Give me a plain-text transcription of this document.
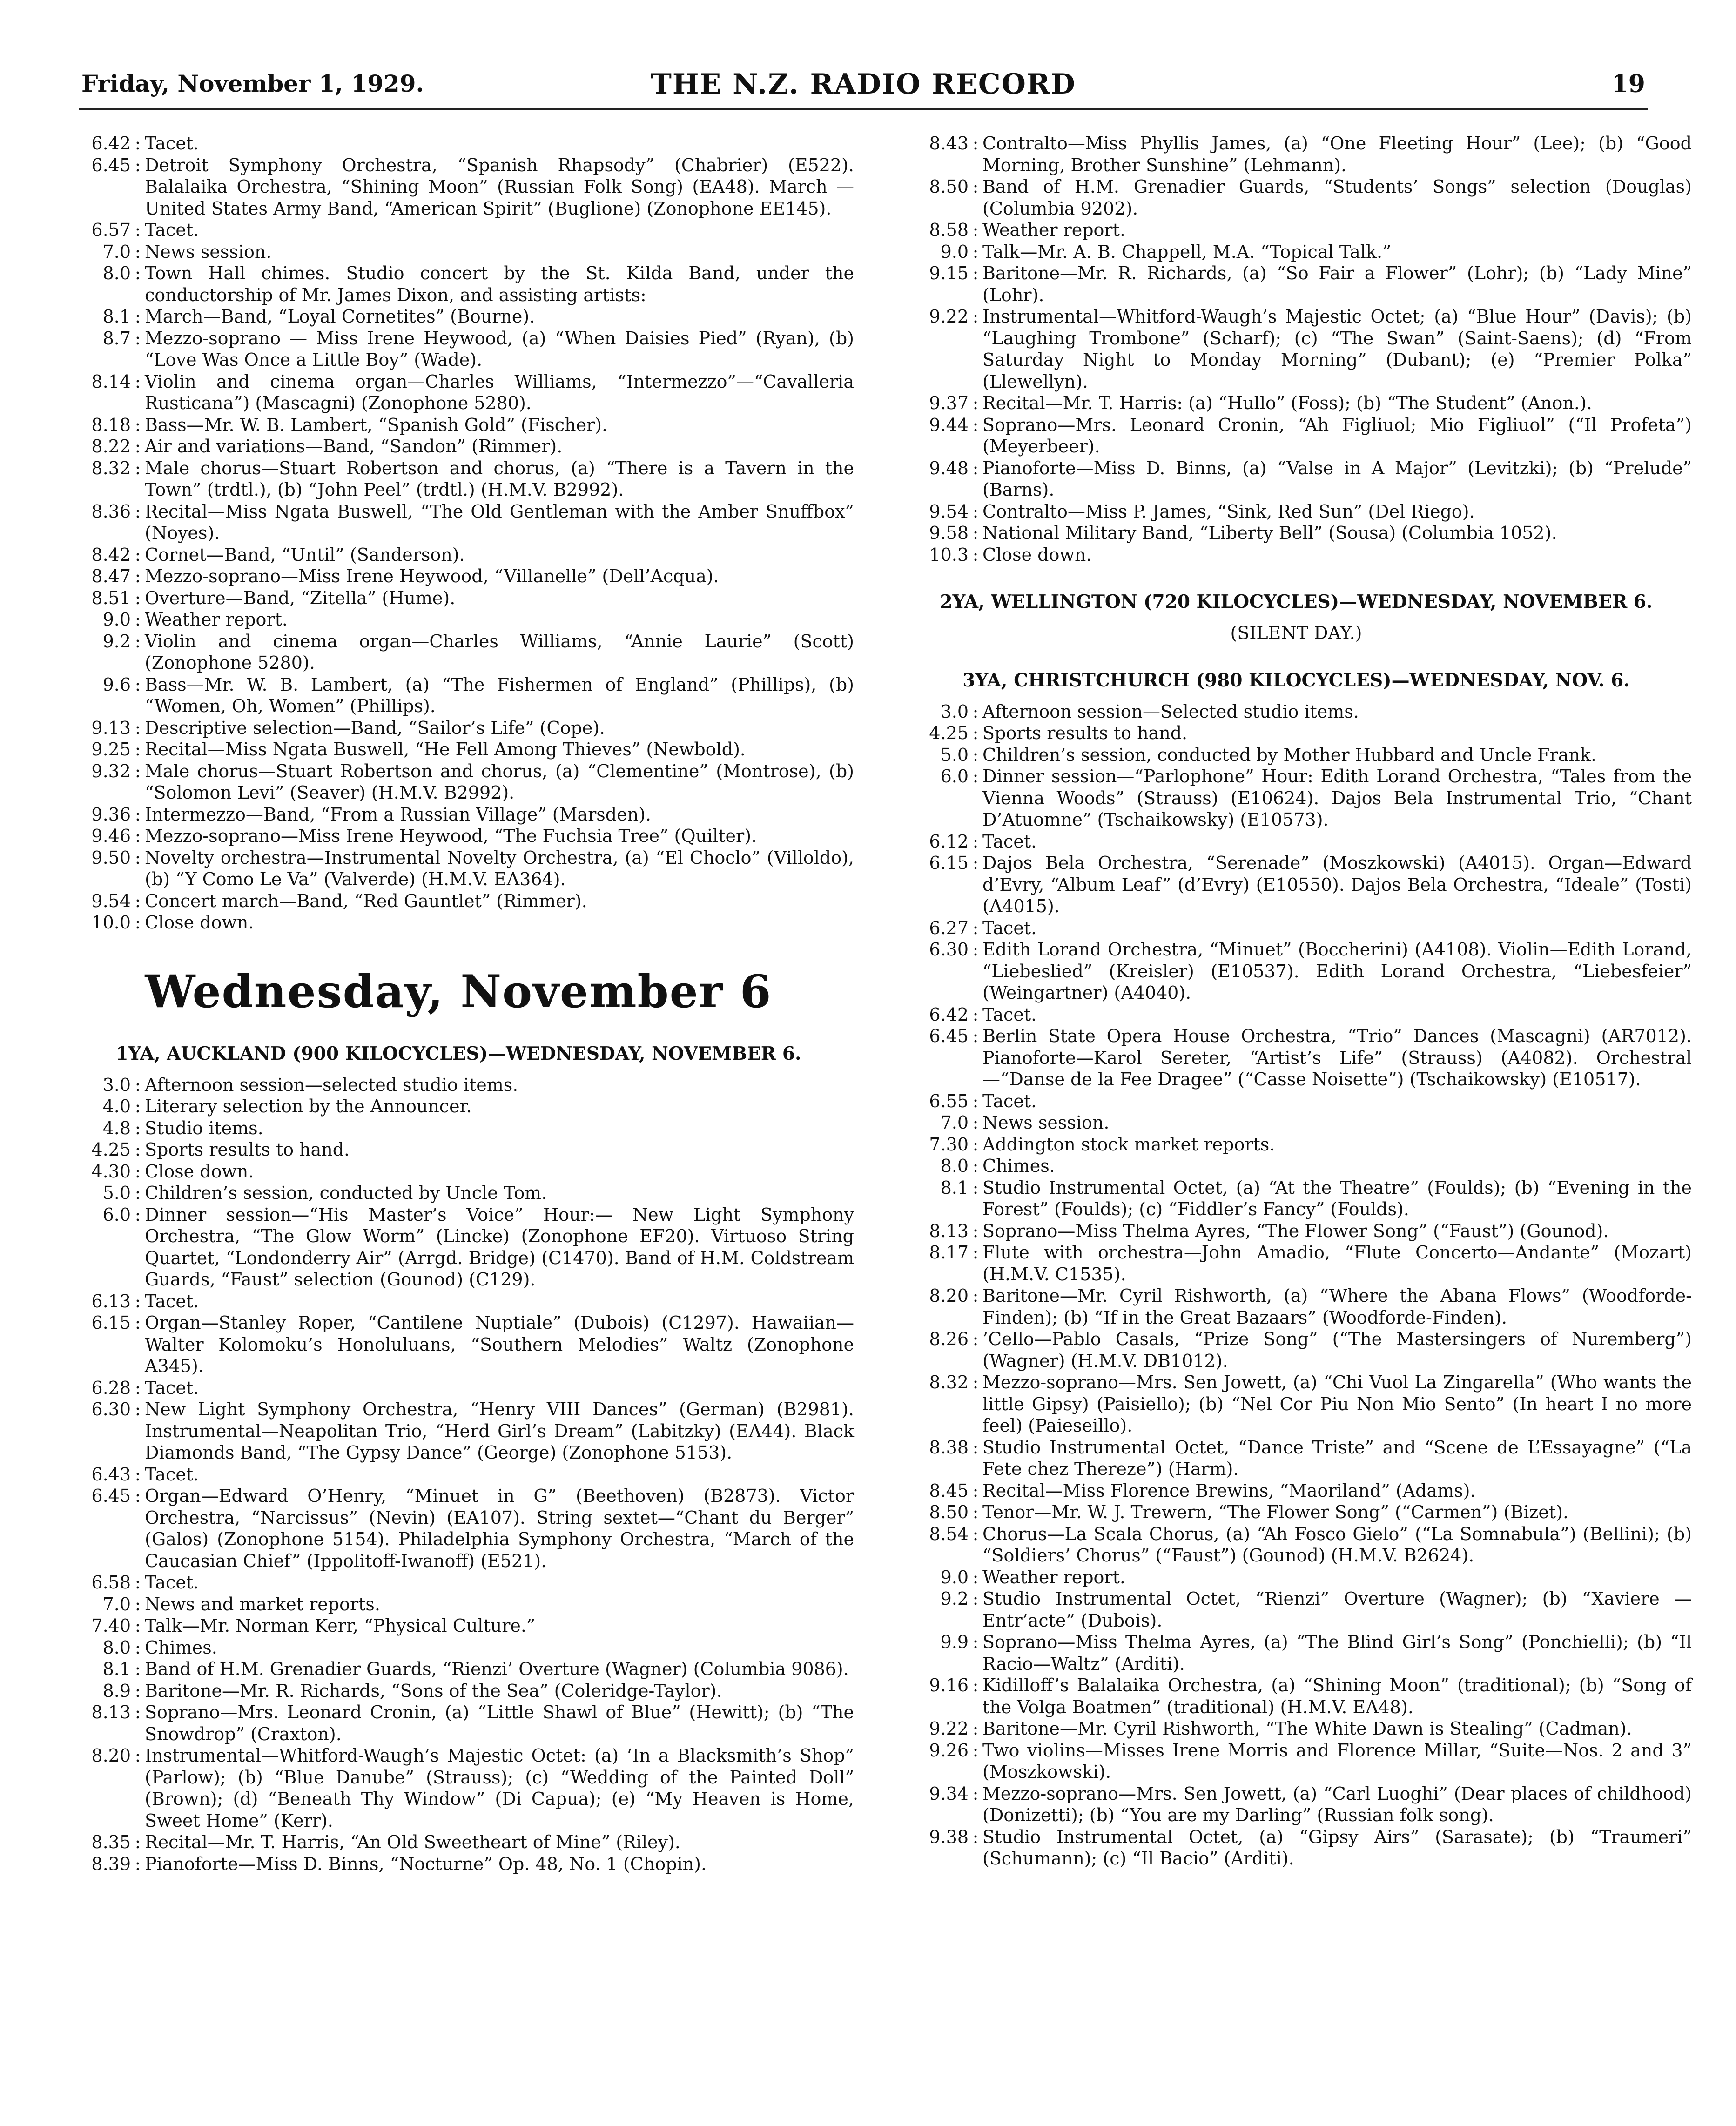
Friday, November 1, 1929.	THE N.Z. RADIO RECORD	19
6.42 : Tacet.
6.45 : Detroit Symphony Orchestra, “Spanish Rhapsody” (Chabrier) (E522). Balalaika Orchestra, “Shining Moon” (Russian Folk Song) (EA48). March — United States Army Band, “American Spirit” (Buglione) (Zonophone EE145).
6.57 : Tacet.
7.0 : News session.
8.0 : Town Hall chimes. Studio concert by the St. Kilda Band, under the conductorship of Mr. James Dixon, and assisting artists:
8.1 : March—Band, “Loyal Cornetites” (Bourne).
8.7 : Mezzo-soprano — Miss Irene Heywood, (a) “When Daisies Pied” (Ryan), (b) “Love Was Once a Little Boy” (Wade).
8.14 : Violin and cinema organ—Charles Williams, “Intermezzo”—“Cavalleria Rusticana”) (Mascagni) (Zonophone 5280).
8.18 : Bass—Mr. W. B. Lambert, “Spanish Gold” (Fischer).
8.22 : Air and variations—Band, “Sandon” (Rimmer).
8.32 : Male chorus—Stuart Robertson and chorus, (a) “There is a Tavern in the Town” (trdtl.), (b) “John Peel” (trdtl.) (H.M.V. B2992).
8.36 : Recital—Miss Ngata Buswell, “The Old Gentleman with the Amber Snuffbox” (Noyes).
8.42 : Cornet—Band, “Until” (Sanderson).
8.47 : Mezzo-soprano—Miss Irene Heywood, “Villanelle” (Dell’Acqua).
8.51 : Overture—Band, “Zitella” (Hume).
9.0 : Weather report.
9.2 : Violin and cinema organ—Charles Williams, “Annie Laurie” (Scott) (Zonophone 5280).
9.6 : Bass—Mr. W. B. Lambert, (a) “The Fishermen of England” (Phillips), (b) “Women, Oh, Women” (Phillips).
9.13 : Descriptive selection—Band, “Sailor’s Life” (Cope).
9.25 : Recital—Miss Ngata Buswell, “He Fell Among Thieves” (Newbold).
9.32 : Male chorus—Stuart Robertson and chorus, (a) “Clementine” (Montrose), (b) “Solomon Levi” (Seaver) (H.M.V. B2992).
9.36 : Intermezzo—Band, “From a Russian Village” (Marsden).
9.46 : Mezzo-soprano—Miss Irene Heywood, “The Fuchsia Tree” (Quilter).
9.50 : Novelty orchestra—Instrumental Novelty Orchestra, (a) “El Choclo” (Villoldo), (b) “Y Como Le Va” (Valverde) (H.M.V. EA364).
9.54 : Concert march—Band, “Red Gauntlet” (Rimmer).
10.0 : Close down.
Wednesday, November 6
1YA, AUCKLAND (900 KILOCYCLES)—WEDNESDAY, NOVEMBER 6.
3.0 : Afternoon session—selected studio items.
4.0 : Literary selection by the Announcer.
4.8 : Studio items.
4.25 : Sports results to hand.
4.30 : Close down.
5.0 : Children’s session, conducted by Uncle Tom.
6.0 : Dinner session—“His Master’s Voice” Hour:— New Light Symphony Orchestra, “The Glow Worm” (Lincke) (Zonophone EF20). Virtuoso String Quartet, “Londonderry Air” (Arrgd. Bridge) (C1470). Band of H.M. Coldstream Guards, “Faust” selection (Gounod) (C129).
6.13 : Tacet.
6.15 : Organ—Stanley Roper, “Cantilene Nuptiale” (Dubois) (C1297). Hawaiian—Walter Kolomoku’s Honoluluans, “Southern Melodies” Waltz (Zonophone A345).
6.28 : Tacet.
6.30 : New Light Symphony Orchestra, “Henry VIII Dances” (German) (B2981). Instrumental—Neapolitan Trio, “Herd Girl’s Dream” (Labitzky) (EA44). Black Diamonds Band, “The Gypsy Dance” (George) (Zonophone 5153).
6.43 : Tacet.
6.45 : Organ—Edward O’Henry, “Minuet in G” (Beethoven) (B2873). Victor Orchestra, “Narcissus” (Nevin) (EA107). String sextet—“Chant du Berger” (Galos) (Zonophone 5154). Philadelphia Symphony Orchestra, “March of the Caucasian Chief” (Ippolitoff-Iwanoff) (E521).
6.58 : Tacet.
7.0 : News and market reports.
7.40 : Talk—Mr. Norman Kerr, “Physical Culture.”
8.0 : Chimes.
8.1 : Band of H.M. Grenadier Guards, “Rienzi’ Overture (Wagner) (Columbia 9086).
8.9 : Baritone—Mr. R. Richards, “Sons of the Sea” (Coleridge-Taylor).
8.13 : Soprano—Mrs. Leonard Cronin, (a) “Little Shawl of Blue” (Hewitt); (b) “The Snowdrop” (Craxton).
8.20 : Instrumental—Whitford-Waugh’s Majestic Octet: (a) ‘In a Blacksmith’s Shop” (Parlow); (b) “Blue Danube” (Strauss); (c) “Wedding of the Painted Doll” (Brown); (d) “Beneath Thy Window” (Di Capua); (e) “My Heaven is Home, Sweet Home” (Kerr).
8.35 : Recital—Mr. T. Harris, “An Old Sweetheart of Mine” (Riley).
8.39 : Pianoforte—Miss D. Binns, “Nocturne” Op. 48, No. 1 (Chopin).
8.43 : Contralto—Miss Phyllis James, (a) “One Fleeting Hour” (Lee); (b) “Good Morning, Brother Sunshine” (Lehmann).
8.50 : Band of H.M. Grenadier Guards, “Students’ Songs” selection (Douglas) (Columbia 9202).
8.58 : Weather report.
9.0 : Talk—Mr. A. B. Chappell, M.A. “Topical Talk.”
9.15 : Baritone—Mr. R. Richards, (a) “So Fair a Flower” (Lohr); (b) “Lady Mine” (Lohr).
9.22 : Instrumental—Whitford-Waugh’s Majestic Octet; (a) “Blue Hour” (Davis); (b) “Laughing Trombone” (Scharf); (c) “The Swan” (Saint-Saens); (d) “From Saturday Night to Monday Morning” (Dubant); (e) “Premier Polka” (Llewellyn).
9.37 : Recital—Mr. T. Harris: (a) “Hullo” (Foss); (b) “The Student” (Anon.).
9.44 : Soprano—Mrs. Leonard Cronin, “Ah Figliuol; Mio Figliuol” (“Il Profeta”) (Meyerbeer).
9.48 : Pianoforte—Miss D. Binns, (a) “Valse in A Major” (Levitzki); (b) “Prelude” (Barns).
9.54 : Contralto—Miss P. James, “Sink, Red Sun” (Del Riego).
9.58 : National Military Band, “Liberty Bell” (Sousa) (Columbia 1052).
10.3 : Close down.
2YA, WELLINGTON (720 KILOCYCLES)—WEDNESDAY, NOVEMBER 6.
(SILENT DAY.)
3YA, CHRISTCHURCH (980 KILOCYCLES)—WEDNESDAY, NOV. 6.
3.0 : Afternoon session—Selected studio items.
4.25 : Sports results to hand.
5.0 : Children’s session, conducted by Mother Hubbard and Uncle Frank.
6.0 : Dinner session—“Parlophone” Hour: Edith Lorand Orchestra, “Tales from the Vienna Woods” (Strauss) (E10624). Dajos Bela Instrumental Trio, “Chant D’Atuomne” (Tschaikowsky) (E10573).
6.12 : Tacet.
6.15 : Dajos Bela Orchestra, “Serenade” (Moszkowski) (A4015). Organ—Edward d’Evry, “Album Leaf” (d’Evry) (E10550). Dajos Bela Orchestra, “Ideale” (Tosti) (A4015).
6.27 : Tacet.
6.30 : Edith Lorand Orchestra, “Minuet” (Boccherini) (A4108). Violin—Edith Lorand, “Liebeslied” (Kreisler) (E10537). Edith Lorand Orchestra, “Liebesfeier” (Weingartner) (A4040).
6.42 : Tacet.
6.45 : Berlin State Opera House Orchestra, “Trio” Dances (Mascagni) (AR7012). Pianoforte—Karol Sereter, “Artist’s Life” (Strauss) (A4082). Orchestral—“Danse de la Fee Dragee” (“Casse Noisette”) (Tschaikowsky) (E10517).
6.55 : Tacet.
7.0 : News session.
7.30 : Addington stock market reports.
8.0 : Chimes.
8.1 : Studio Instrumental Octet, (a) “At the Theatre” (Foulds); (b) “Evening in the Forest” (Foulds); (c) “Fiddler’s Fancy” (Foulds).
8.13 : Soprano—Miss Thelma Ayres, “The Flower Song” (“Faust”) (Gounod).
8.17 : Flute with orchestra—John Amadio, “Flute Concerto—Andante” (Mozart) (H.M.V. C1535).
8.20 : Baritone—Mr. Cyril Rishworth, (a) “Where the Abana Flows” (Woodforde-Finden); (b) “If in the Great Bazaars” (Woodforde-Finden).
8.26 : ’Cello—Pablo Casals, “Prize Song” (“The Mastersingers of Nuremberg”) (Wagner) (H.M.V. DB1012).
8.32 : Mezzo-soprano—Mrs. Sen Jowett, (a) “Chi Vuol La Zingarella” (Who wants the little Gipsy) (Paisiello); (b) “Nel Cor Piu Non Mio Sento” (In heart I no more feel) (Paieseillo).
8.38 : Studio Instrumental Octet, “Dance Triste” and “Scene de L’Essayagne” (“La Fete chez Thereze”) (Harm).
8.45 : Recital—Miss Florence Brewins, “Maoriland” (Adams).
8.50 : Tenor—Mr. W. J. Trewern, “The Flower Song” (“Carmen”) (Bizet).
8.54 : Chorus—La Scala Chorus, (a) “Ah Fosco Gielo” (“La Somnabula”) (Bellini); (b) “Soldiers’ Chorus” (“Faust”) (Gounod) (H.M.V. B2624).
9.0 : Weather report.
9.2 : Studio Instrumental Octet, “Rienzi” Overture (Wagner); (b) “Xaviere —Entr’acte” (Dubois).
9.9 : Soprano—Miss Thelma Ayres, (a) “The Blind Girl’s Song” (Ponchielli); (b) “Il Racio—Waltz” (Arditi).
9.16 : Kidilloff’s Balalaika Orchestra, (a) “Shining Moon” (traditional); (b) “Song of the Volga Boatmen” (traditional) (H.M.V. EA48).
9.22 : Baritone—Mr. Cyril Rishworth, “The White Dawn is Stealing” (Cadman).
9.26 : Two violins—Misses Irene Morris and Florence Millar, “Suite—Nos. 2 and 3” (Moszkowski).
9.34 : Mezzo-soprano—Mrs. Sen Jowett, (a) “Carl Luoghi” (Dear places of childhood) (Donizetti); (b) “You are my Darling” (Russian folk song).
9.38 : Studio Instrumental Octet, (a) “Gipsy Airs” (Sarasate); (b) “Traumeri” (Schumann); (c) “Il Bacio” (Arditi).
